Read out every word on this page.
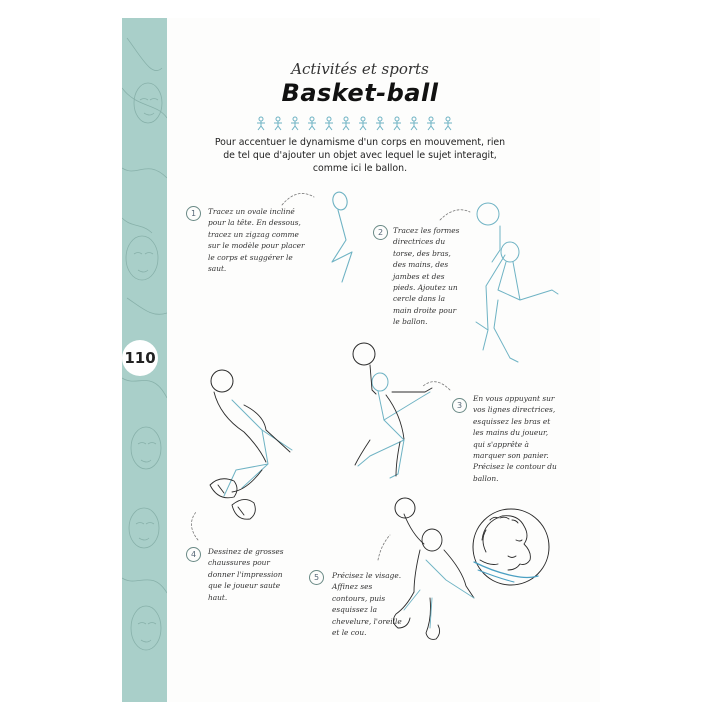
110
Activités et sports
Basket-ball
Pour accentuer le dynamisme d'un corps en mouvement, rien de tel que d'ajouter un objet avec lequel le sujet interagit, comme ici le ballon.
1
2
3
4
5
Tracez un ovale incliné pour la tête. En dessous, tracez un zigzag comme sur le modèle pour placer le corps et suggérer le saut.
Tracez les formes directrices du torse, des bras, des mains, des jambes et des pieds. Ajoutez un cercle dans la main droite pour le ballon.
En vous appuyant sur vos lignes directrices, esquissez les bras et les mains du joueur, qui s'apprête à marquer son panier. Précisez le contour du ballon.
Dessinez de grosses chaussures pour donner l'impression que le joueur saute haut.
Précisez le visage. Affinez ses contours, puis esquissez la chevelure, l'oreille et le cou.
